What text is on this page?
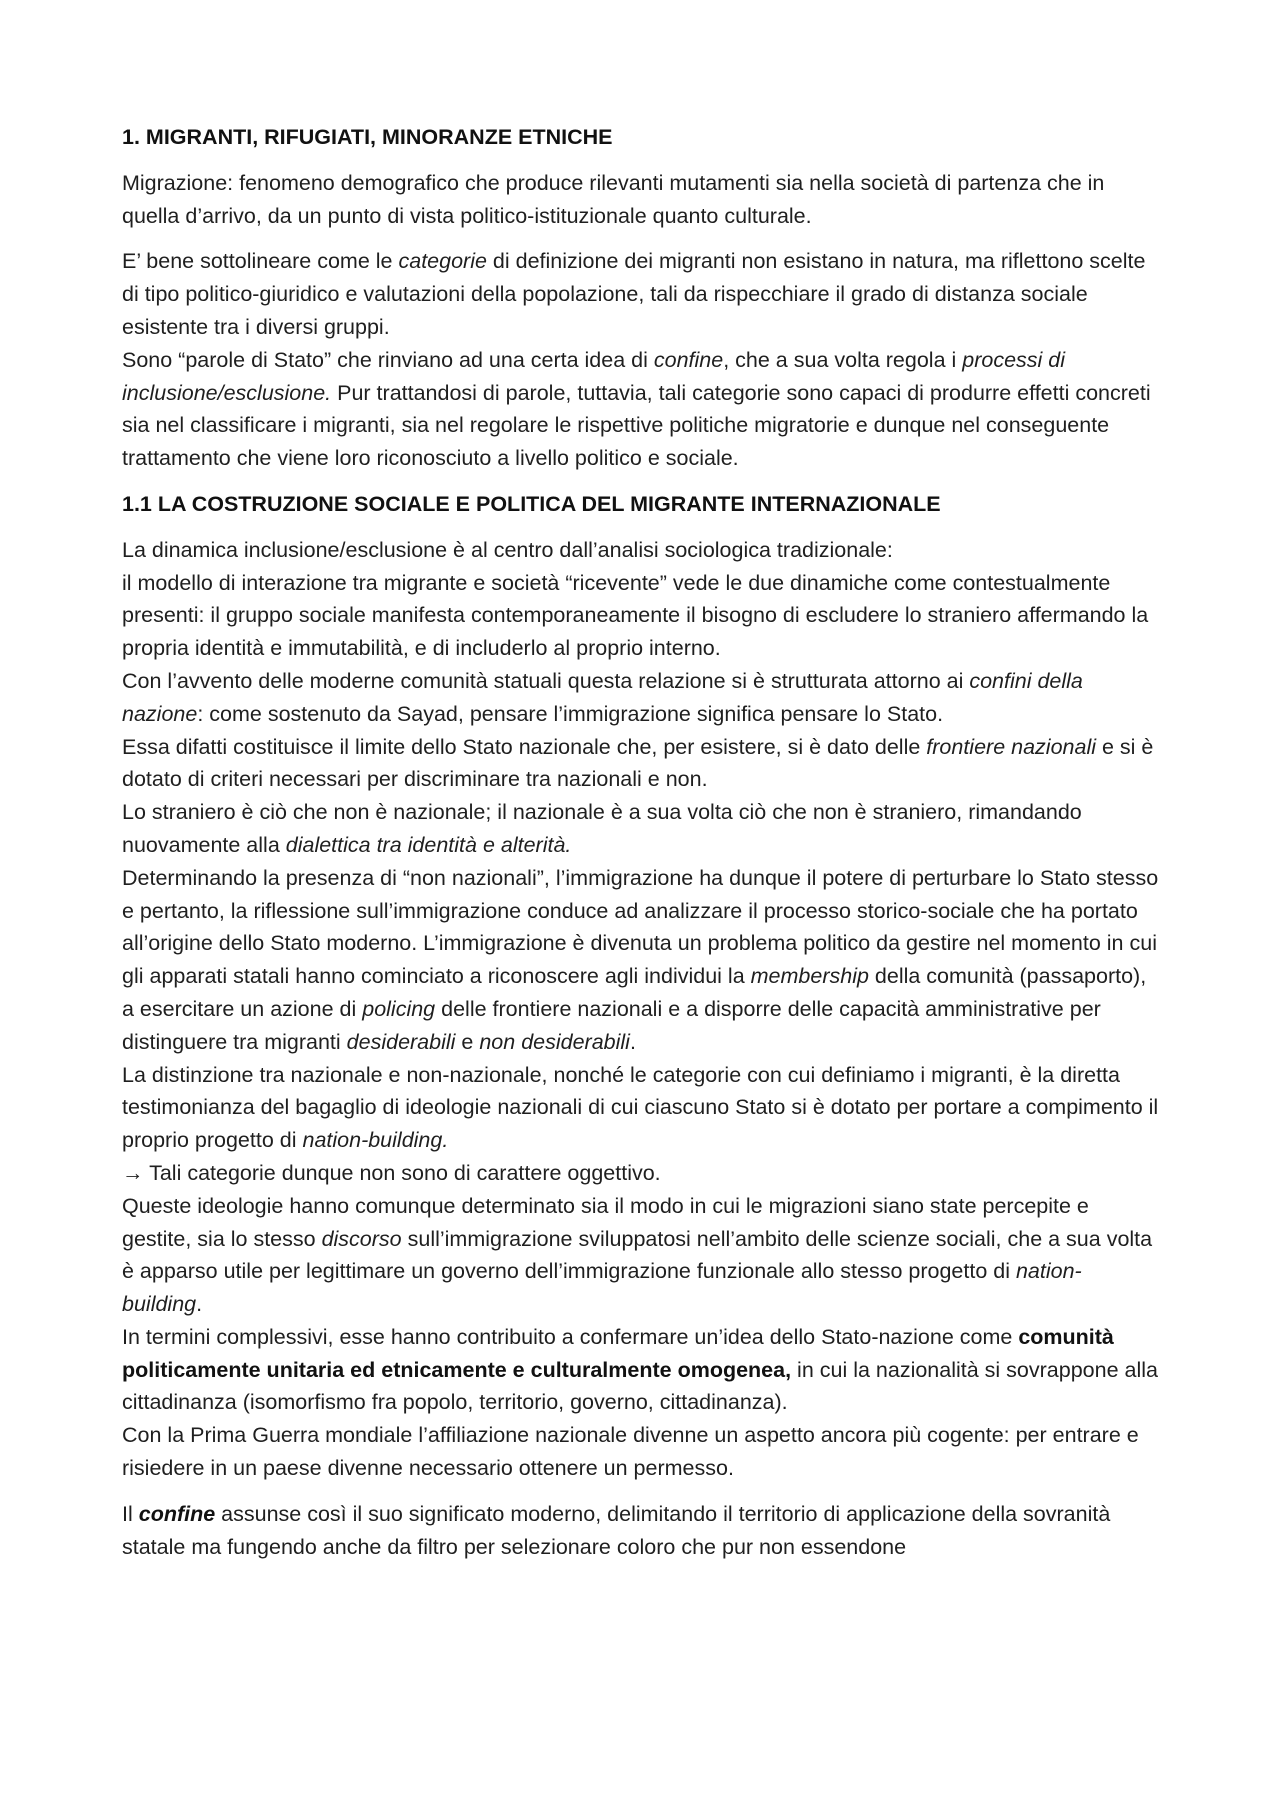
1. MIGRANTI, RIFUGIATI, MINORANZE ETNICHE

Migrazione: fenomeno demografico che produce rilevanti mutamenti sia nella società di partenza che in quella d’arrivo, da un punto di vista politico-istituzionale quanto culturale.

E’ bene sottolineare come le categorie di definizione dei migranti non esistano in natura, ma riflettono scelte di tipo politico-giuridico e valutazioni della popolazione, tali da rispecchiare il grado di distanza sociale esistente tra i diversi gruppi.
Sono “parole di Stato” che rinviano ad una certa idea di confine, che a sua volta regola i processi di inclusione/esclusione. Pur trattandosi di parole, tuttavia, tali categorie sono capaci di produrre effetti concreti sia nel classificare i migranti, sia nel regolare le rispettive politiche migratorie e dunque nel conseguente trattamento che viene loro riconosciuto a livello politico e sociale.

1.1 LA COSTRUZIONE SOCIALE E POLITICA DEL MIGRANTE INTERNAZIONALE
La dinamica inclusione/esclusione è al centro dall’analisi sociologica tradizionale:
il modello di interazione tra migrante e società “ricevente” vede le due dinamiche come contestualmente presenti: il gruppo sociale manifesta contemporaneamente il bisogno di escludere lo straniero affermando la propria identità e immutabilità, e di includerlo al proprio interno.
Con l’avvento delle moderne comunità statuali questa relazione si è strutturata attorno ai confini della nazione: come sostenuto da Sayad, pensare l’immigrazione significa pensare lo Stato.
Essa difatti costituisce il limite dello Stato nazionale che, per esistere, si è dato delle frontiere nazionali e si è dotato di criteri necessari per discriminare tra nazionali e non.
Lo straniero è ciò che non è nazionale; il nazionale è a sua volta ciò che non è straniero, rimandando nuovamente alla dialettica tra identità e alterità.
Determinando la presenza di “non nazionali”, l’immigrazione ha dunque il potere di perturbare lo Stato stesso e pertanto, la riflessione sull’immigrazione conduce ad analizzare il processo storico-sociale che ha portato all’origine dello Stato moderno. L’immigrazione è divenuta un problema politico da gestire nel momento in cui gli apparati statali hanno cominciato a riconoscere agli individui la membership della comunità (passaporto), a esercitare un azione di policing delle frontiere nazionali e a disporre delle capacità amministrative per distinguere tra migranti desiderabili e non desiderabili.
La distinzione tra nazionale e non-nazionale, nonché le categorie con cui definiamo i migranti, è la diretta testimonianza del bagaglio di ideologie nazionali di cui ciascuno Stato si è dotato per portare a compimento il proprio progetto di nation-building.
→ Tali categorie dunque non sono di carattere oggettivo.
Queste ideologie hanno comunque determinato sia il modo in cui le migrazioni siano state percepite e gestite, sia lo stesso discorso sull’immigrazione sviluppatosi nell’ambito delle scienze sociali, che a sua volta è apparso utile per legittimare un governo dell’immigrazione funzionale allo stesso progetto di nation-building.
In termini complessivi, esse hanno contribuito a confermare un’idea dello Stato-nazione come comunità politicamente unitaria ed etnicamente e culturalmente omogenea, in cui la nazionalità si sovrappone alla cittadinanza (isomorfismo fra popolo, territorio, governo, cittadinanza).
Con la Prima Guerra mondiale l’affiliazione nazionale divenne un aspetto ancora più cogente: per entrare e risiedere in un paese divenne necessario ottenere un permesso.

Il confine assunse così il suo significato moderno, delimitando il territorio di applicazione della sovranità statale ma fungendo anche da filtro per selezionare coloro che pur non essendone
